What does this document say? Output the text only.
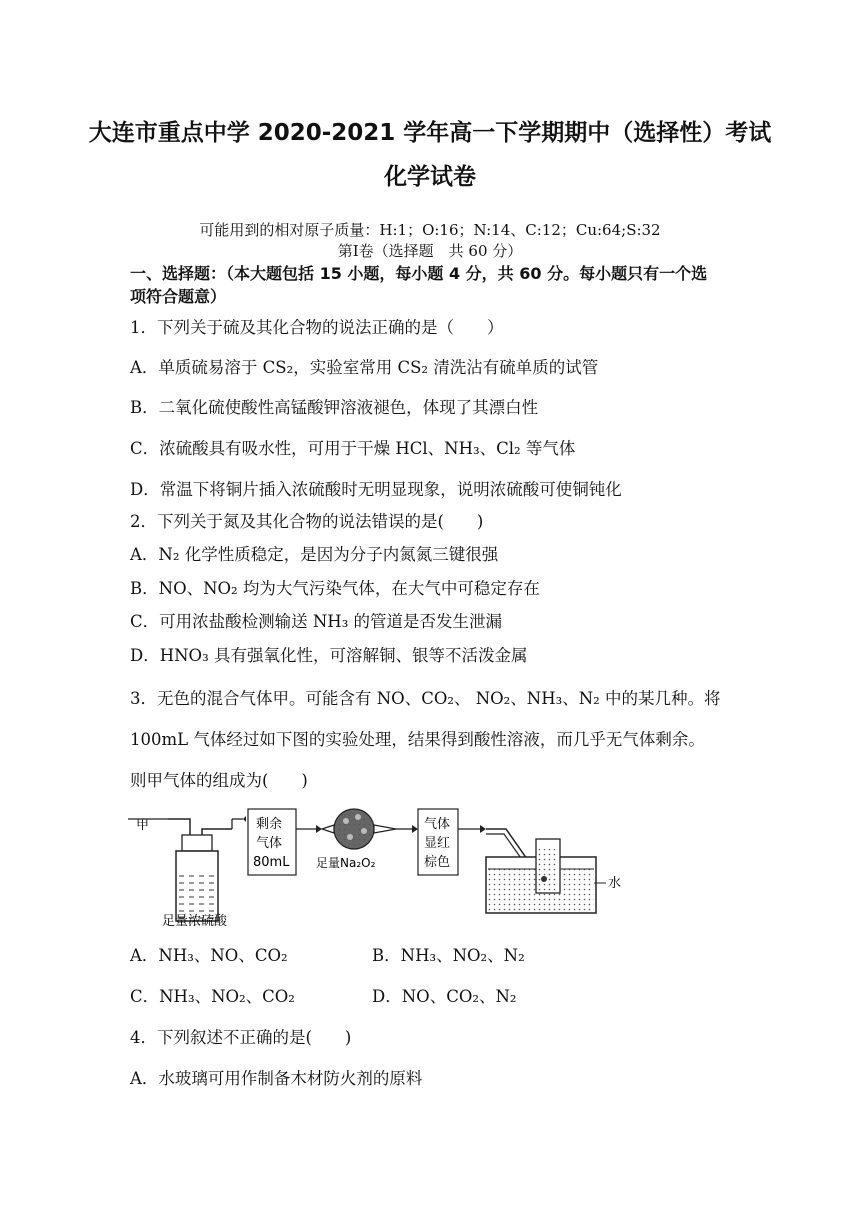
大连市重点中学 2020-2021 学年高一下学期期中（选择性）考试
化学试卷
可能用到的相对原子质量：H:1；O:16；N:14、C:12；Cu:64;S:32
第Ⅰ卷（选择题　共 60 分）
一、选择题：（本大题包括 15 小题，每小题 4 分，共 60 分。每小题只有一个选
项符合题意）
1．下列关于硫及其化合物的说法正确的是（　　）
A．单质硫易溶于 CS₂，实验室常用 CS₂ 清洗沾有硫单质的试管
B．二氧化硫使酸性高锰酸钾溶液褪色，体现了其漂白性
C．浓硫酸具有吸水性，可用于干燥 HCl、NH₃、Cl₂ 等气体
D．常温下将铜片插入浓硫酸时无明显现象，说明浓硫酸可使铜钝化
2．下列关于氮及其化合物的说法错误的是(　　)
A．N₂ 化学性质稳定，是因为分子内氮氮三键很强
B．NO、NO₂ 均为大气污染气体，在大气中可稳定存在
C．可用浓盐酸检测输送 NH₃ 的管道是否发生泄漏
D．HNO₃ 具有强氧化性，可溶解铜、银等不活泼金属
3．无色的混合气体甲。可能含有 NO、CO₂、 NO₂、NH₃、N₂ 中的某几种。将
100mL 气体经过如下图的实验处理，结果得到酸性溶液，而几乎无气体剩余。
则甲气体的组成为(　　)
甲
足量浓硫酸
剩余
气体
80mL 足量Na₂O₂
气体
显红
棕色
水
A．NH₃、NO、CO₂	B．NH₃、NO₂、N₂
C．NH₃、NO₂、CO₂	D．NO、CO₂、N₂
4．下列叙述不正确的是(　　)
A．水玻璃可用作制备木材防火剂的原料
